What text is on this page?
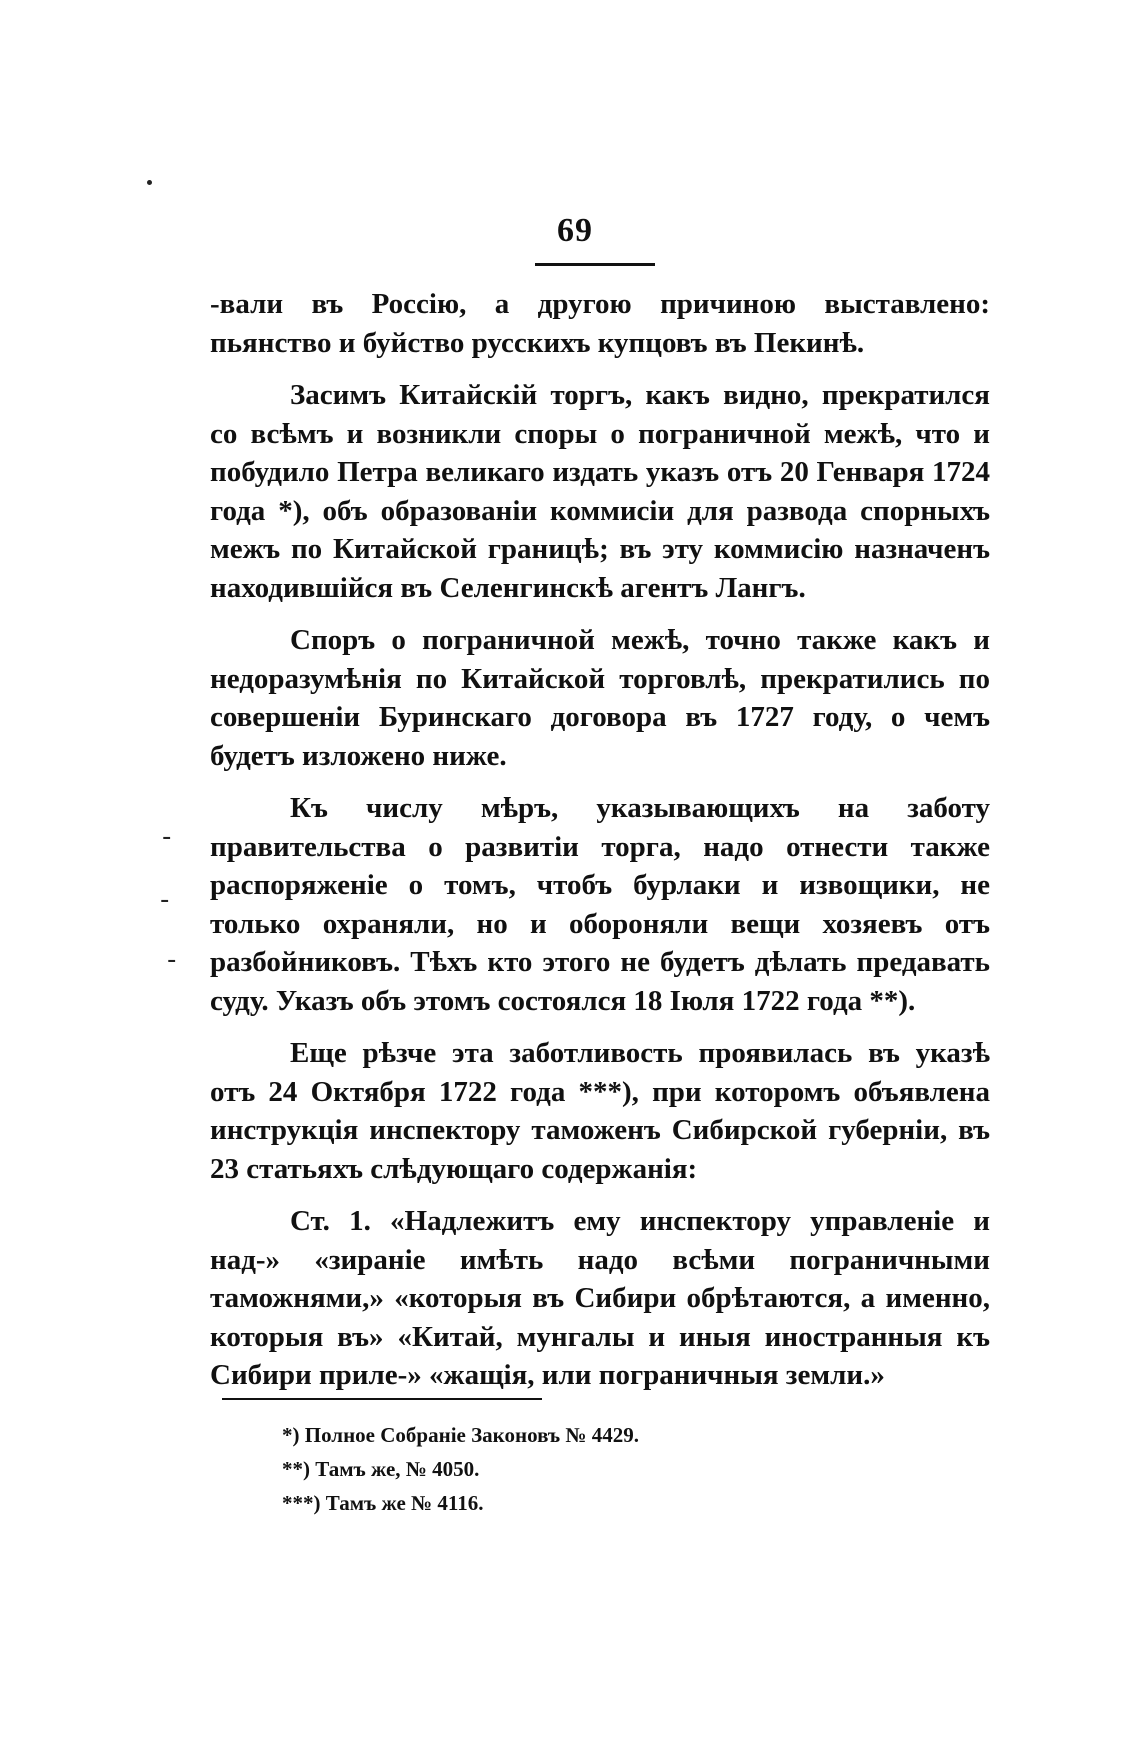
69
-
-
-

-вали въ Россію, а другою причиною выставлено: пьянство и буйство русскихъ купцовъ въ Пекинѣ.

Засимъ Китайскій торгъ, какъ видно, прекратился со всѣмъ и возникли споры о пограничной межѣ, что и побудило Петра великаго издать указъ отъ 20 Генваря 1724 года *), объ образованіи коммисіи для развода спорныхъ межъ по Китайской границѣ; въ эту коммисію назначенъ находившійся въ Селенгинскѣ агентъ Лангъ.

Споръ о пограничной межѣ, точно также какъ и недоразумѣнія по Китайской торговлѣ, прекратились по совершеніи Буринскаго договора въ 1727 году, о чемъ будетъ изложено ниже.

Къ числу мѣръ, указывающихъ на заботу правительства о развитіи торга, надо отнести также распоряженіе о томъ, чтобъ бурлаки и извощики, не только охраняли, но и обороняли вещи хозяевъ отъ разбойниковъ. Тѣхъ кто этого не будетъ дѣлать предавать суду. Указъ объ этомъ состоялся 18 Іюля 1722 года **).

Еще рѣзче эта заботливость проявилась въ указѣ отъ 24 Октября 1722 года ***), при которомъ объявлена инструкція инспектору таможенъ Сибирской губерніи, въ 23 статьяхъ слѣдующаго содержанія:

Ст. 1. «Надлежитъ ему инспектору управленіе и над-» «зираніе имѣть надо всѣми пограничными таможнями,» «которыя въ Сибири обрѣтаются, а именно, которыя въ» «Китай, мунгалы и иныя иностранныя къ Сибири приле-» «жащія, или пограничныя земли.»

*) Полное Собраніе Законовъ № 4429.
**) Тамъ же, № 4050.
***) Тамъ же № 4116.
